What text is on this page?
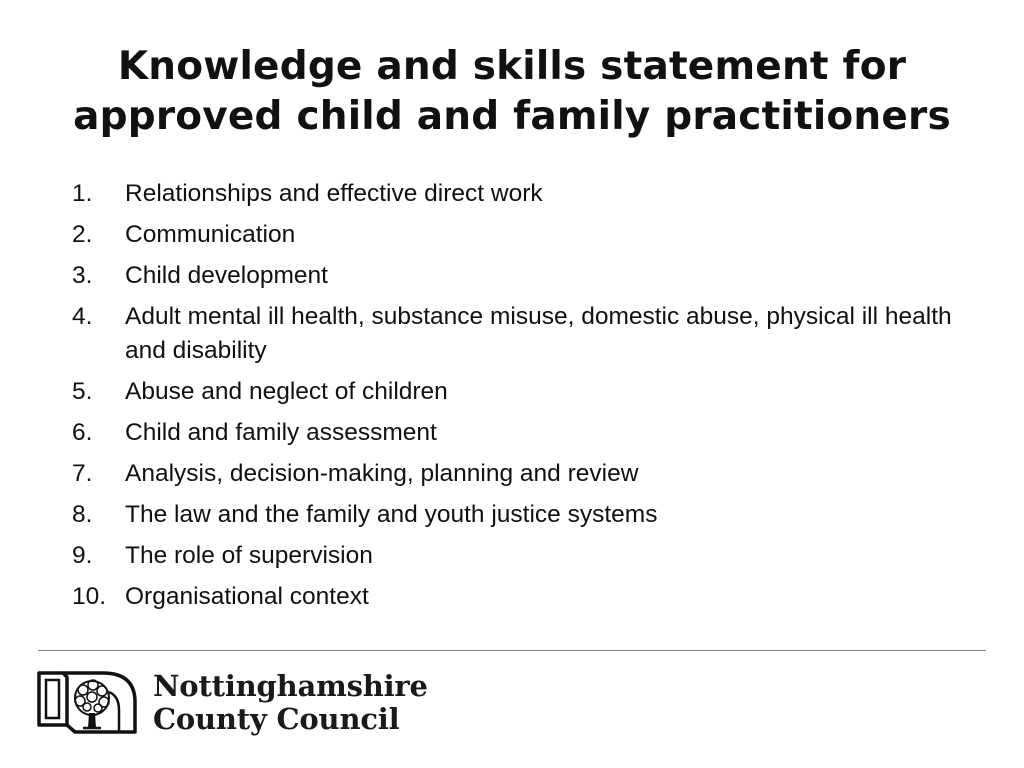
Knowledge and skills statement for
approved child and family practitioners
1.	Relationships and effective direct work
2.	Communication
3.	Child development
4.	Adult mental ill health, substance misuse, domestic abuse, physical ill health and disability
5.	Abuse and neglect of children
6.	Child and family assessment
7.	Analysis, decision-making, planning and review
8.	The law and the family and youth justice systems
9.	The role of supervision
10. Organisational context
Nottinghamshire
County Council
